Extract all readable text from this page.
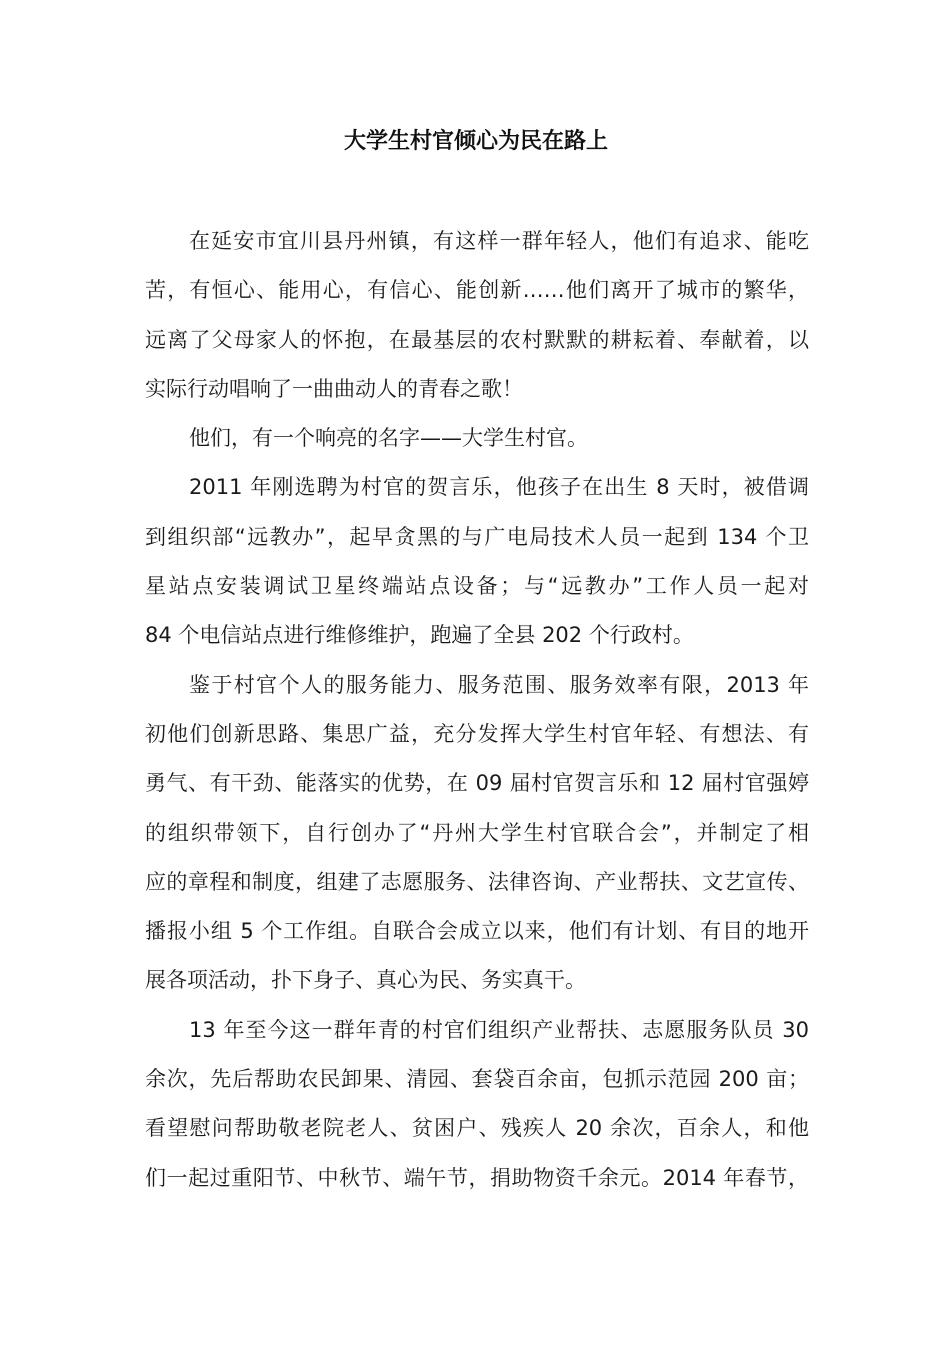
大学生村官倾心为民在路上
在延安市宜川县丹州镇，有这样一群年轻人，他们有追求、能吃
苦，有恒心、能用心，有信心、能创新……他们离开了城市的繁华，
远离了父母家人的怀抱，在最基层的农村默默的耕耘着、奉献着，以
实际行动唱响了一曲曲动人的青春之歌！
他们，有一个响亮的名字——大学生村官。
2011 年刚选聘为村官的贺言乐，他孩子在出生 8 天时，被借调
到组织部“远教办”，起早贪黑的与广电局技术人员一起到 134 个卫
星站点安装调试卫星终端站点设备；与“远教办”工作人员一起对
84 个电信站点进行维修维护，跑遍了全县 202 个行政村。
鉴于村官个人的服务能力、服务范围、服务效率有限，2013 年
初他们创新思路、集思广益，充分发挥大学生村官年轻、有想法、有
勇气、有干劲、能落实的优势，在 09 届村官贺言乐和 12 届村官强婷
的组织带领下，自行创办了“丹州大学生村官联合会”，并制定了相
应的章程和制度，组建了志愿服务、法律咨询、产业帮扶、文艺宣传、
播报小组 5 个工作组。自联合会成立以来，他们有计划、有目的地开
展各项活动，扑下身子、真心为民、务实真干。
13 年至今这一群年青的村官们组织产业帮扶、志愿服务队员 30
余次，先后帮助农民卸果、清园、套袋百余亩，包抓示范园 200 亩；
看望慰问帮助敬老院老人、贫困户、残疾人 20 余次，百余人，和他
们一起过重阳节、中秋节、端午节，捐助物资千余元。2014 年春节，
